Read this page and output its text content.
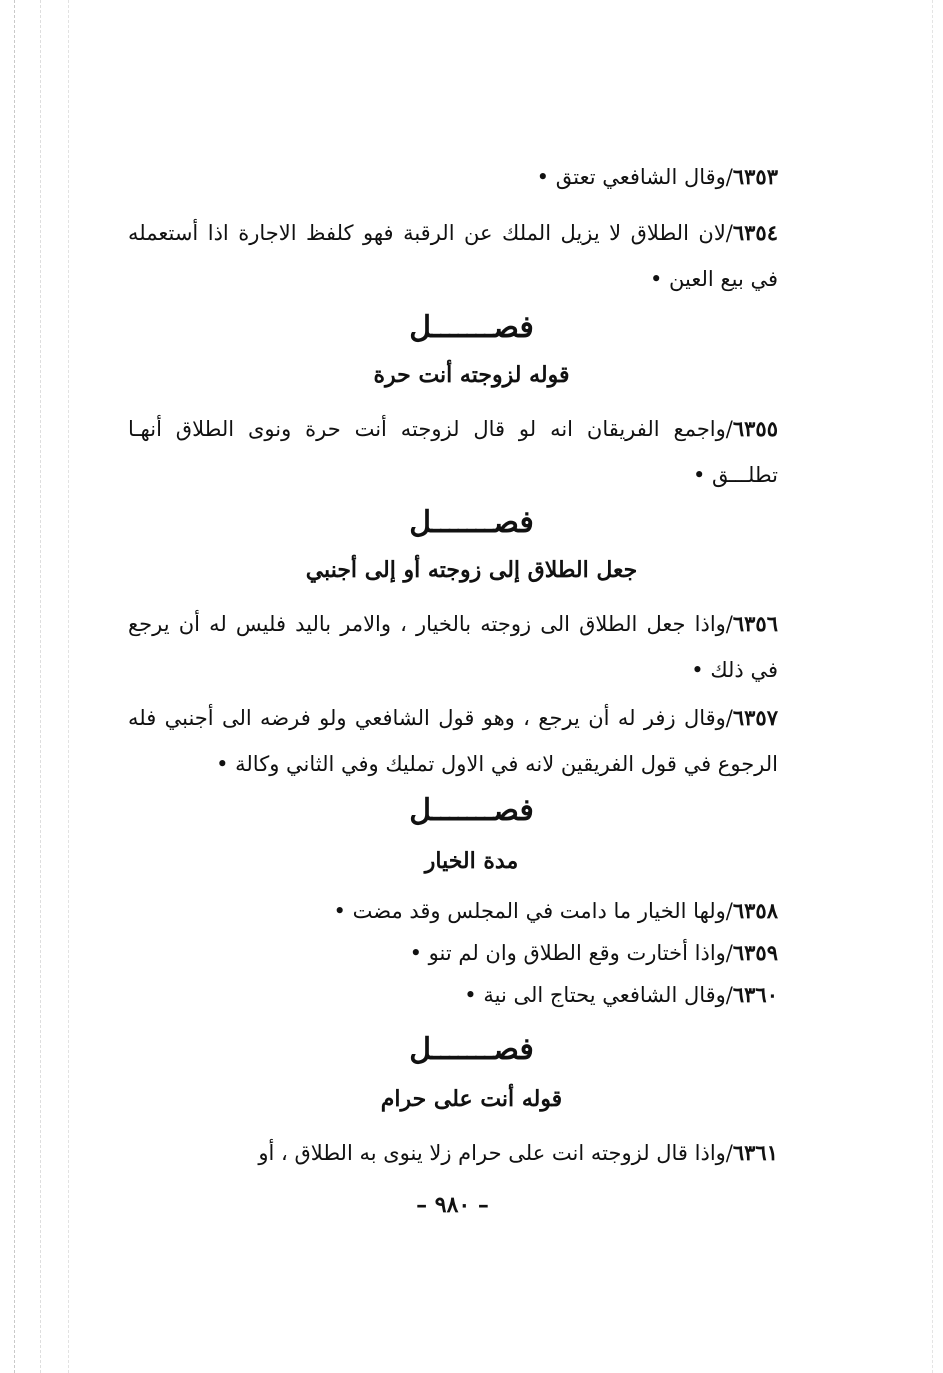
٦٣٥٣/وقال الشافعي تعتق •
٦٣٥٤/لان الطلاق لا يزيل الملك عن الرقبة فهو كلفظ الاجارة اذا أستعمله في بيع العين •
فصـــــــل
قوله لزوجته أنت حرة
٦٣٥٥/واجمع الفريقان انه لو قال لزوجته أنت حرة ونوى الطلاق أنهـا تطلـــق •
فصـــــــل
جعل الطلاق إلى زوجته أو إلى أجنبي
٦٣٥٦/واذا جعل الطلاق الى زوجته بالخيار ، والامر باليد فليس له أن يرجع في ذلك •
٦٣٥٧/وقال زفر له أن يرجع ، وهو قول الشافعي ولو فرضه الى أجنبي فله الرجوع في قول الفريقين لانه في الاول تمليك وفي الثاني وكالة •
فصـــــــل
مدة الخيار
٦٣٥٨/ولها الخيار ما دامت في المجلس وقد مضت •
٦٣٥٩/واذا أختارت وقع الطلاق وان لم تنو •
٦٣٦٠/وقال الشافعي يحتاج الى نية •
فصـــــــل
قوله أنت على حرام
٦٣٦١/واذا قال لزوجته انت على حرام زلا ينوى به الطلاق ، أو
– ٩٨٠ –
